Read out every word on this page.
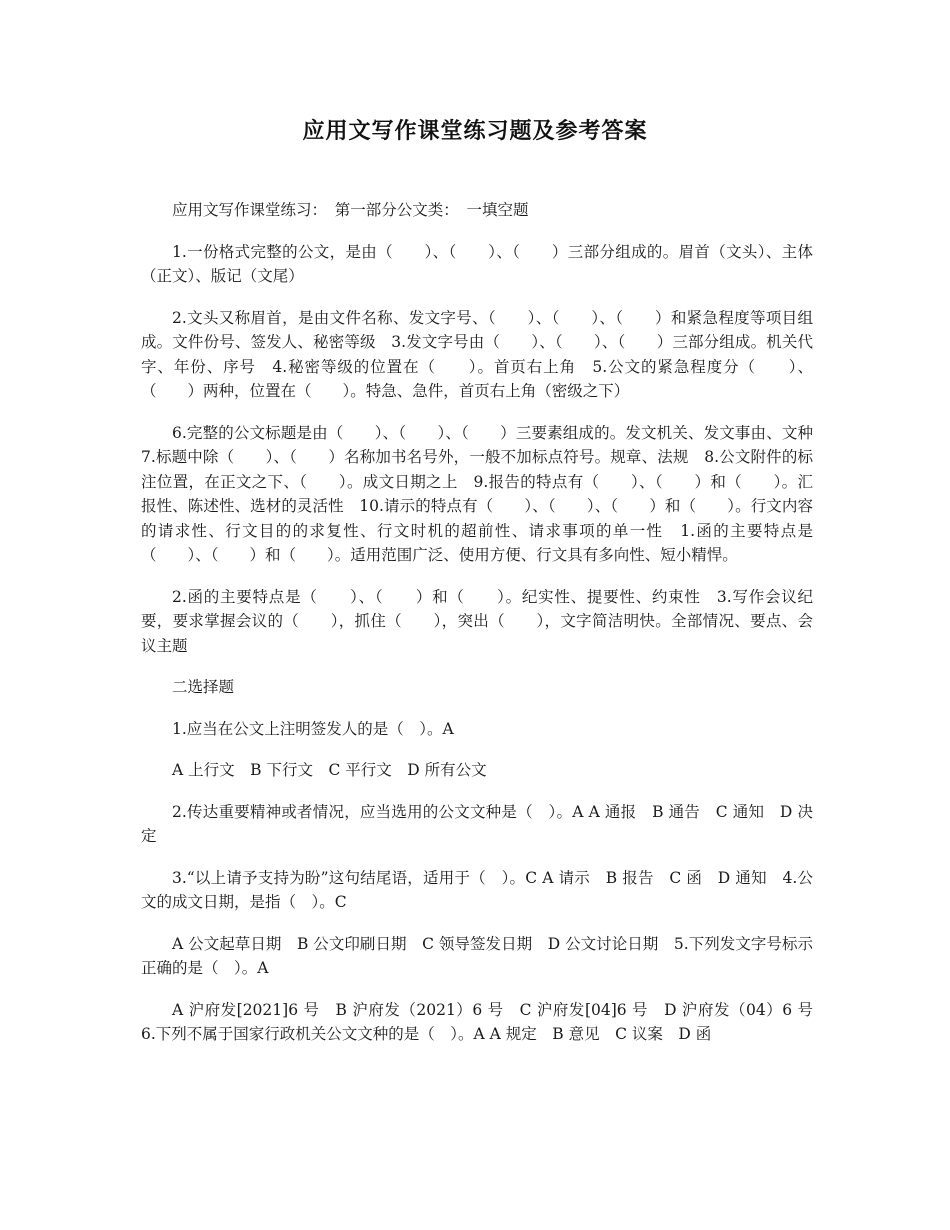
应用文写作课堂练习题及参考答案

应用文写作课堂练习：　第一部分公文类：　一填空题

1.一份格式完整的公文，是由（　　）、（　　）、（　　）三部分组成的。眉首（文头）、主体（正文）、版记（文尾）

2.文头又称眉首，是由文件名称、发文字号、（　　）、（　　）、（　　）和紧急程度等项目组成。文件份号、签发人、秘密等级　3.发文字号由（　　）、（　　）、（　　）三部分组成。机关代字、年份、序号　4.秘密等级的位置在（　　）。首页右上角　5.公文的紧急程度分（　　）、（　　）两种，位置在（　　）。特急、急件，首页右上角（密级之下）

6.完整的公文标题是由（　　）、（　　）、（　　）三要素组成的。发文机关、发文事由、文种 7.标题中除（　　）、（　　）名称加书名号外，一般不加标点符号。规章、法规　8.公文附件的标注位置，在正文之下、（　　）。成文日期之上　9.报告的特点有（　　）、（　　）和（　　）。汇报性、陈述性、选材的灵活性　10.请示的特点有（　　）、（　　）、（　　）和（　　）。行文内容的请求性、行文目的的求复性、行文时机的超前性、请求事项的单一性　1.函的主要特点是（　　）、（　　）和（　　）。适用范围广泛、使用方便、行文具有多向性、短小精悍。

2.函的主要特点是（　　）、（　　）和（　　）。纪实性、提要性、约束性　3.写作会议纪要，要求掌握会议的（　　），抓住（　　），突出（　　），文字简洁明快。全部情况、要点、会议主题

二选择题

1.应当在公文上注明签发人的是（　）。A

A 上行文　B 下行文　C 平行文　D 所有公文

2.传达重要精神或者情况，应当选用的公文文种是（　）。A A 通报　B 通告　C 通知　D 决定

3.“以上请予支持为盼”这句结尾语，适用于（　）。C A 请示　B 报告　C 函　D 通知　4.公文的成文日期，是指（　）。C

A 公文起草日期　B 公文印刷日期　C 领导签发日期　D 公文讨论日期　5.下列发文字号标示正确的是（　）。A

A 沪府发[2021]6 号　B 沪府发（2021）6 号　C 沪府发[04]6 号　D 沪府发（04）6 号　6.下列不属于国家行政机关公文文种的是（　）。A A 规定　B 意见　C 议案　D 函
